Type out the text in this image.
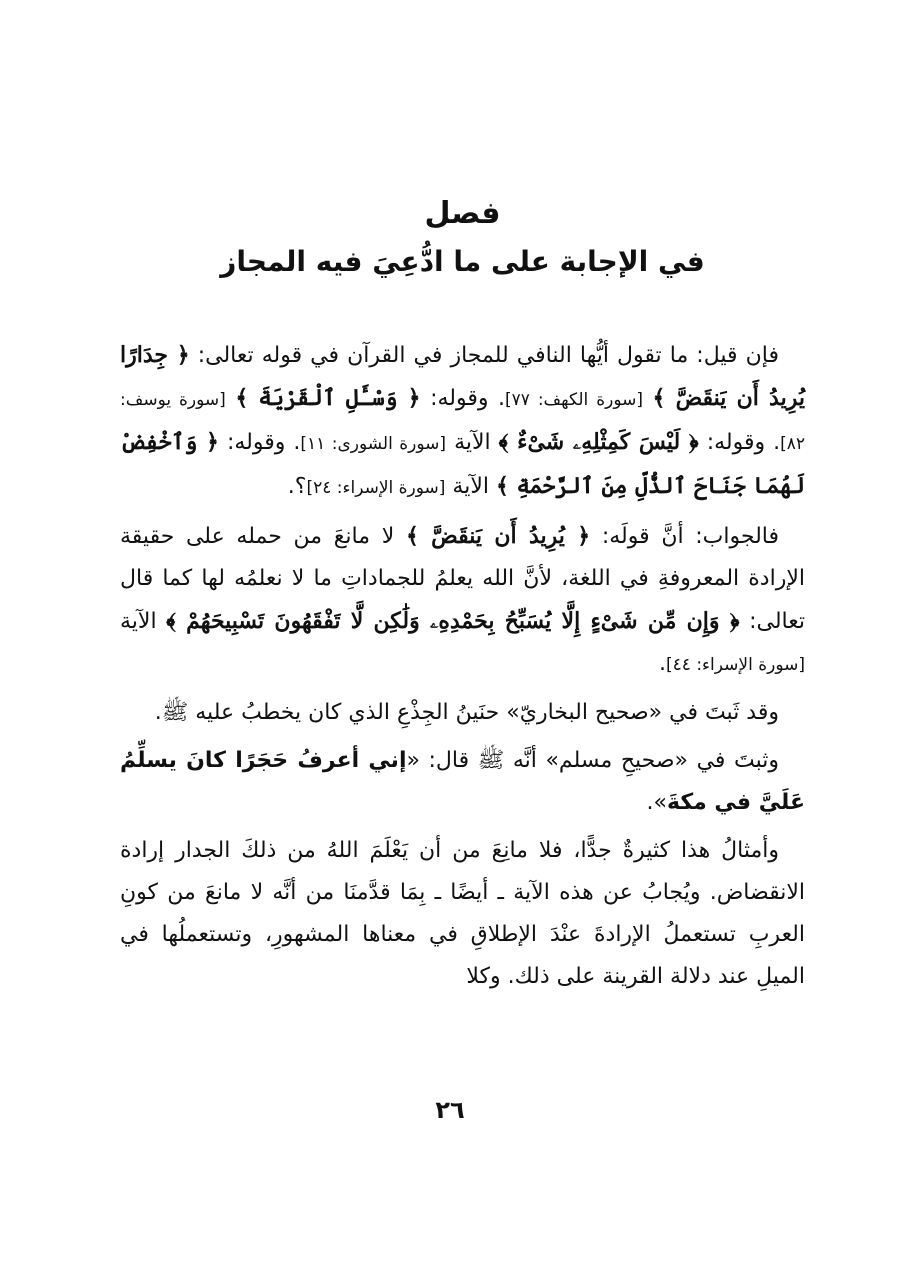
فصل
في الإجابة على ما ادُّعِيَ فيه المجاز

فإن قيل: ما تقول أيُّها النافي للمجاز في القرآن في قوله تعالى: ﴿ جِدَارًا يُرِيدُ أَن يَنقَضَّ ﴾ [سورة الكهف: ٧٧]. وقوله: ﴿ وَسْـَٔلِ ٱلْقَرْيَةَ ﴾ [سورة يوسف: ٨٢]. وقوله: ﴿ لَيْسَ كَمِثْلِهِۦ شَىْءٌ ﴾ الآية [سورة الشورى: ١١]. وقوله: ﴿ وَٱخْفِضْ لَهُمَا جَنَاحَ ٱلذُّلِّ مِنَ ٱلرَّحْمَةِ ﴾ الآية [سورة الإسراء: ٢٤]؟.

فالجواب: أنَّ قولَه: ﴿ يُرِيدُ أَن يَنقَضَّ ﴾ لا مانعَ من حمله على حقيقة الإرادة المعروفةِ في اللغة، لأنَّ الله يعلمُ للجماداتِ ما لا نعلمُه لها كما قال تعالى: ﴿ وَإِن مِّن شَىْءٍ إِلَّا يُسَبِّحُ بِحَمْدِهِۦ وَلَٰكِن لَّا تَفْقَهُونَ تَسْبِيحَهُمْ ﴾ الآية [سورة الإسراء: ٤٤].

وقد ثَبتَ في «صحيح البخاريّ» حنَينُ الجِذْعِ الذي كان يخطبُ عليه ﷺ.

وثبتَ في «صحيحِ مسلم» أنَّه ﷺ قال: «إني أعرفُ حَجَرًا كانَ يسلِّمُ عَلَيَّ في مكةَ».

وأمثالُ هذا كثيرةٌ جدًّا، فلا مانِعَ من أن يَعْلَمَ اللهُ من ذلكَ الجدار إرادة الانقضاض. ويُجابُ عن هذه الآية ـ أيضًا ـ بِمَا قدَّمنَا من أنَّه لا مانعَ من كونِ العربِ تستعملُ الإرادةَ عنْدَ الإطلاقِ في معناها المشهورِ، وتستعملُها في الميلِ عند دلالة القرينة على ذلك. وكلا

٢٦
